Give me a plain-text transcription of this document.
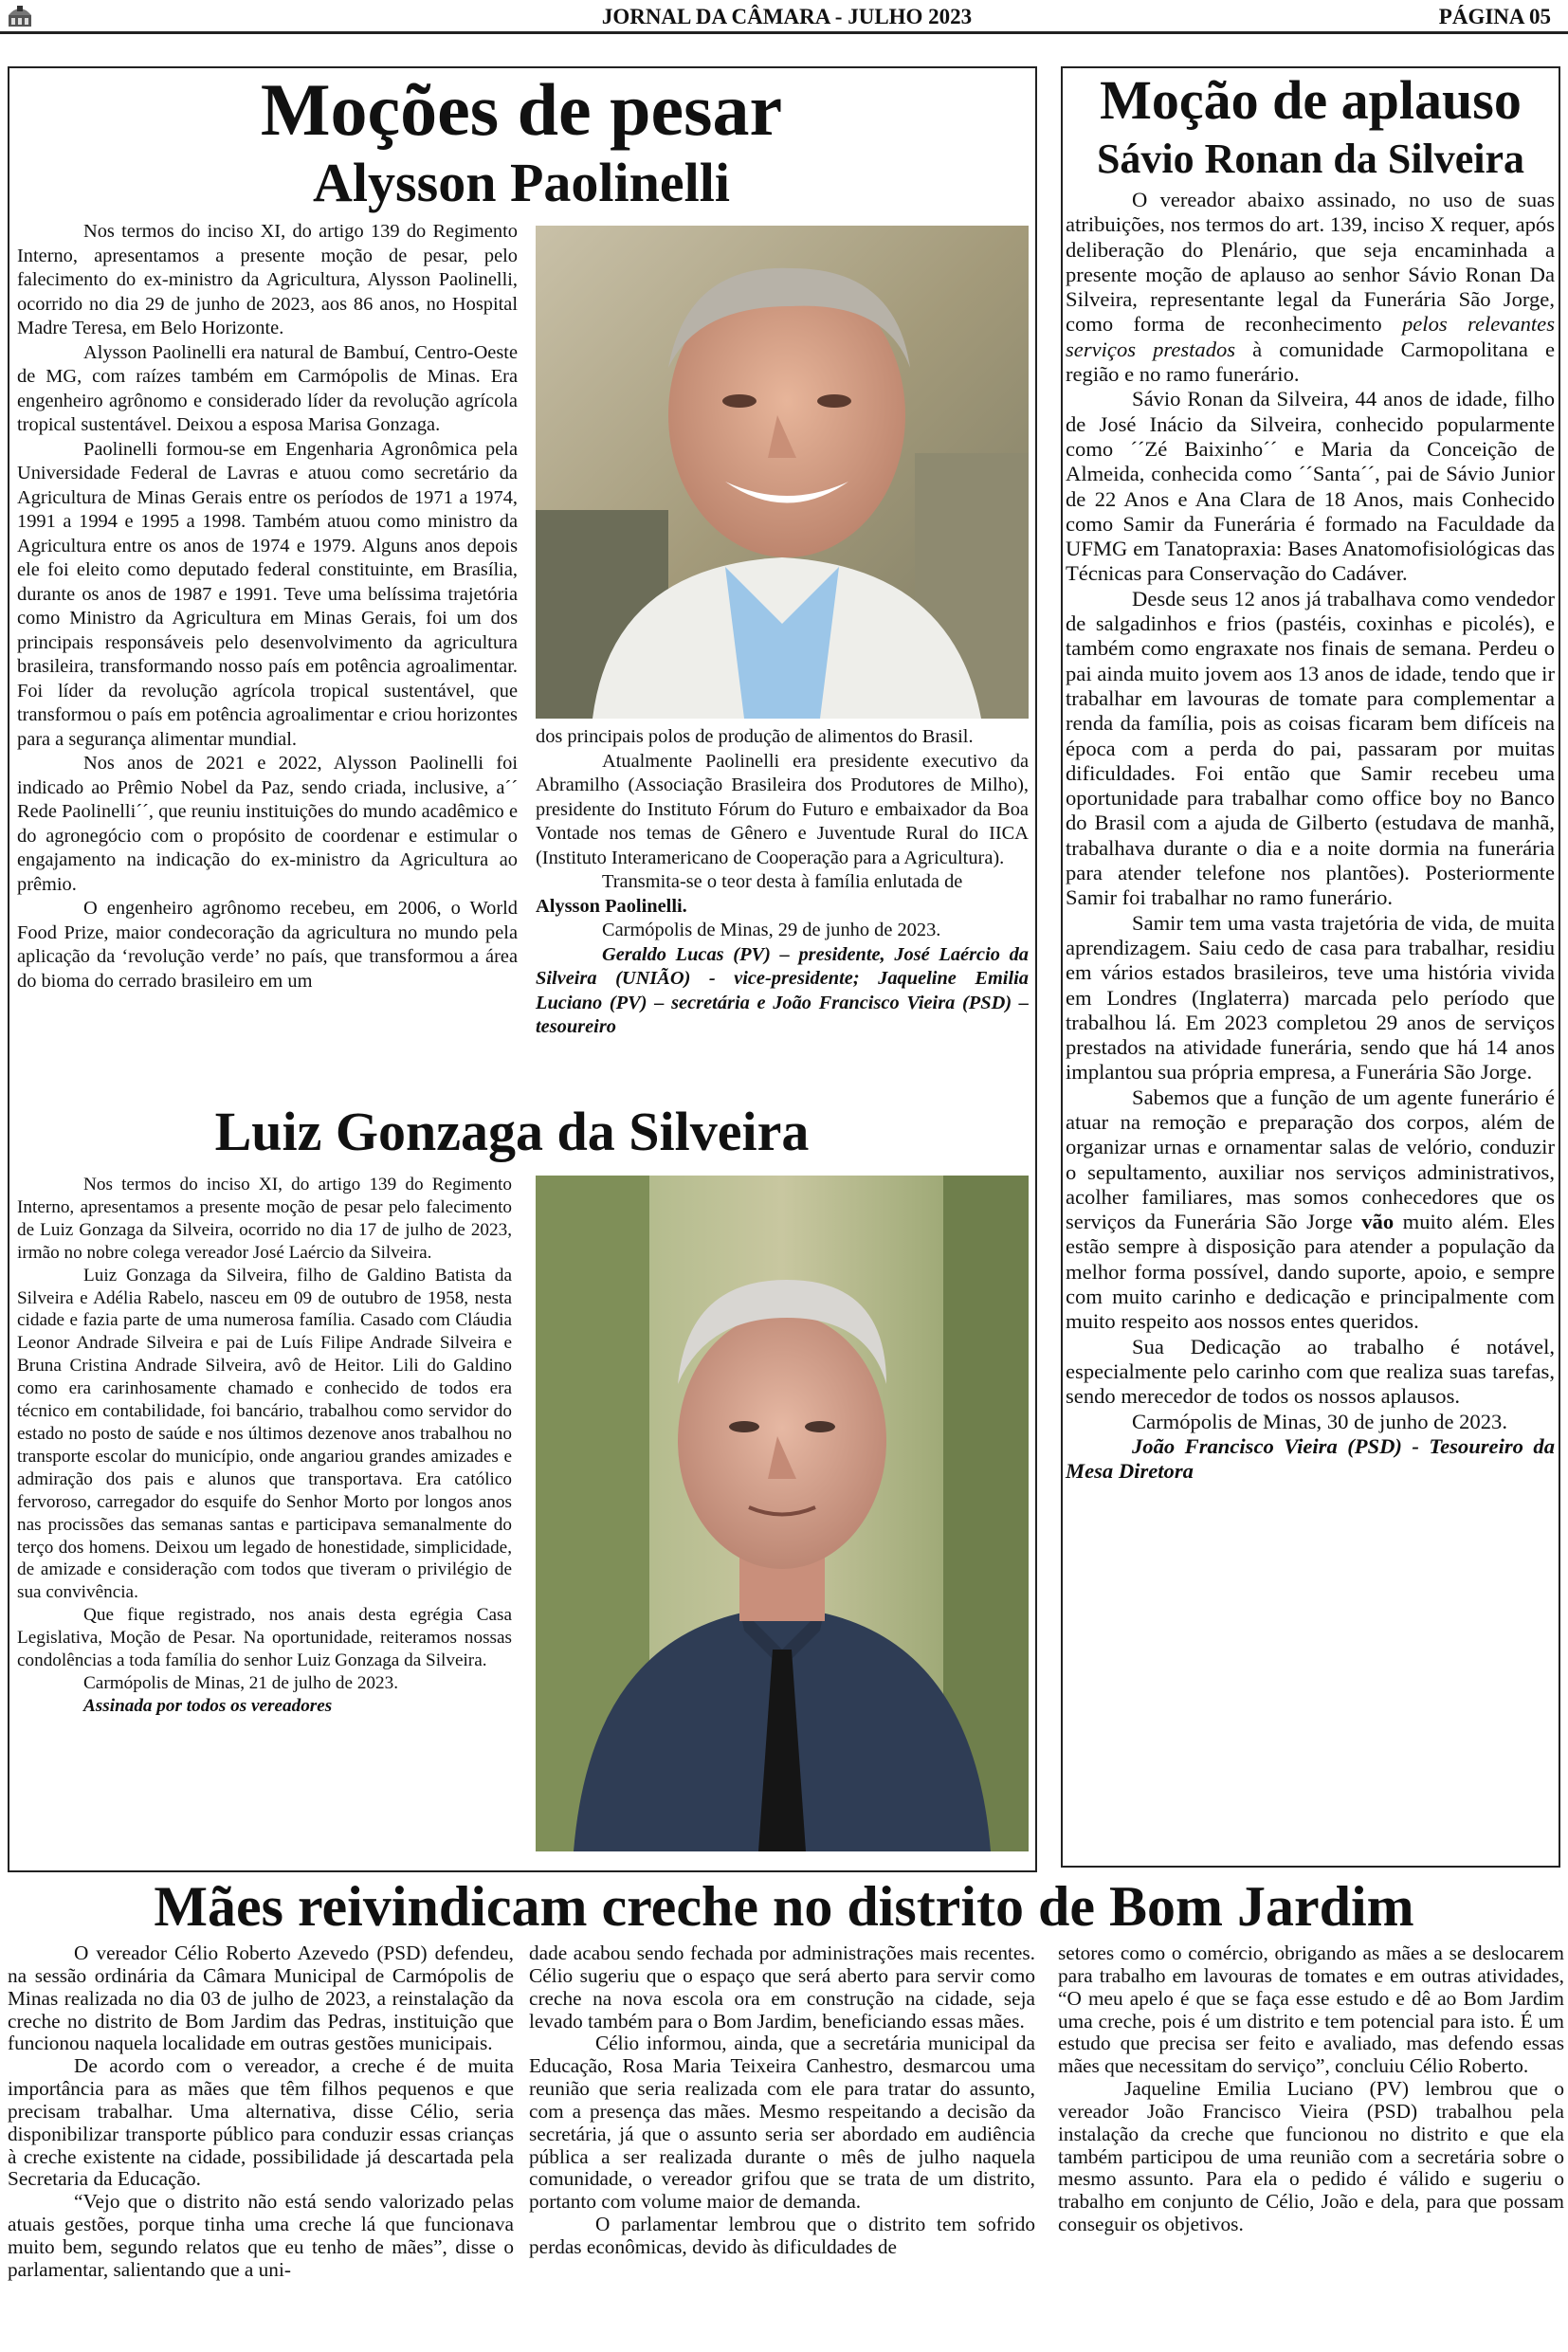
JORNAL DA CÂMARA - JULHO 2023	PÁGINA 05
Moções de pesar
Alysson Paolinelli

Nos termos do inciso XI, do artigo 139 do Regimento Interno, apresentamos a presente moção de pesar, pelo falecimento do ex-ministro da Agricultura, Alysson Paolinelli, ocorrido no dia 29 de junho de 2023, aos 86 anos, no Hospital Madre Teresa, em Belo Horizonte.

Alysson Paolinelli era natural de Bambuí, Centro-Oeste de MG, com raízes também em Carmópolis de Minas. Era engenheiro agrônomo e considerado líder da revolução agrícola tropical sustentável. Deixou a esposa Marisa Gonzaga.

Paolinelli formou-se em Engenharia Agronômica pela Universidade Federal de Lavras e atuou como secretário da Agricultura de Minas Gerais entre os períodos de 1971 a 1974, 1991 a 1994 e 1995 a 1998. Também atuou como ministro da Agricultura entre os anos de 1974 e 1979. Alguns anos depois ele foi eleito como deputado federal constituinte, em Brasília, durante os anos de 1987 e 1991. Teve uma belíssima trajetória como Ministro da Agricultura em Minas Gerais, foi um dos principais responsáveis pelo desenvolvimento da agricultura brasileira, transformando nosso país em potência agroalimentar. Foi líder da revolução agrícola tropical sustentável, que transformou o país em potência agroalimentar e criou horizontes para a segurança alimentar mundial.

Nos anos de 2021 e 2022, Alysson Paolinelli foi indicado ao Prêmio Nobel da Paz, sendo criada, inclusive, a´´ Rede Paolinelli´´, que reuniu instituições do mundo acadêmico e do agronegócio com o propósito de coordenar e estimular o engajamento na indicação do ex-ministro da Agricultura ao prêmio.

O engenheiro agrônomo recebeu, em 2006, o World Food Prize, maior condecoração da agricultura no mundo pela aplicação da ‘revolução verde’ no país, que transformou a área do bioma do cerrado brasileiro em um

dos principais polos de produção de alimentos do Brasil.

Atualmente Paolinelli era presidente executivo da Abramilho (Associação Brasileira dos Produtores de Milho), presidente do Instituto Fórum do Futuro e embaixador da Boa Vontade nos temas de Gênero e Juventude Rural do IICA (Instituto Interamericano de Cooperação para a Agricultura).

Transmita-se o teor desta à família enlutada de

Alysson Paolinelli.

Carmópolis de Minas, 29 de junho de 2023.

Geraldo Lucas (PV) – presidente, José Laércio da Silveira (UNIÃO) - vice-presidente; Jaqueline Emilia Luciano (PV) – secretária e João Francisco Vieira (PSD) – tesoureiro

Luiz Gonzaga da Silveira

Nos termos do inciso XI, do artigo 139 do Regimento Interno, apresentamos a presente moção de pesar pelo falecimento de Luiz Gonzaga da Silveira, ocorrido no dia 17 de julho de 2023, irmão no nobre colega vereador José Laércio da Silveira.

Luiz Gonzaga da Silveira, filho de Galdino Batista da Silveira e Adélia Rabelo, nasceu em 09 de outubro de 1958, nesta cidade e fazia parte de uma numerosa família. Casado com Cláudia Leonor Andrade Silveira e pai de Luís Filipe Andrade Silveira e Bruna Cristina Andrade Silveira, avô de Heitor. Lili do Galdino como era carinhosamente chamado e conhecido de todos era técnico em contabilidade, foi bancário, trabalhou como servidor do estado no posto de saúde e nos últimos dezenove anos trabalhou no transporte escolar do município, onde angariou grandes amizades e admiração dos pais e alunos que transportava. Era católico fervoroso, carregador do esquife do Senhor Morto por longos anos nas procissões das semanas santas e participava semanalmente do terço dos homens. Deixou um legado de honestidade, simplicidade, de amizade e consideração com todos que tiveram o privilégio de sua convivência.

Que fique registrado, nos anais desta egrégia Casa Legislativa, Moção de Pesar. Na oportunidade, reiteramos nossas condolências a toda família do senhor Luiz Gonzaga da Silveira.

Carmópolis de Minas, 21 de julho de 2023.

Assinada por todos os vereadores

Moção de aplauso
Sávio Ronan da Silveira

O vereador abaixo assinado, no uso de suas atribuições, nos termos do art. 139, inciso X requer, após deliberação do Plenário, que seja encaminhada a presente moção de aplauso ao senhor Sávio Ronan Da Silveira, representante legal da Funerária São Jorge, como forma de reconhecimento pelos relevantes serviços prestados à comunidade Carmopolitana e região e no ramo funerário.

Sávio Ronan da Silveira, 44 anos de idade, filho de José Inácio da Silveira, conhecido popularmente como ´´Zé Baixinho´´ e Maria da Conceição de Almeida, conhecida como ´´Santa´´, pai de Sávio Junior de 22 Anos e Ana Clara de 18 Anos, mais Conhecido como Samir da Funerária é formado na Faculdade da UFMG em Tanatopraxia: Bases Anatomofisiológicas das Técnicas para Conservação do Cadáver.

Desde seus 12 anos já trabalhava como vendedor de salgadinhos e frios (pastéis, coxinhas e picolés), e também como engraxate nos finais de semana. Perdeu o pai ainda muito jovem aos 13 anos de idade, tendo que ir trabalhar em lavouras de tomate para complementar a renda da família, pois as coisas ficaram bem difíceis na época com a perda do pai, passaram por muitas dificuldades. Foi então que Samir recebeu uma oportunidade para trabalhar como office boy no Banco do Brasil com a ajuda de Gilberto (estudava de manhã, trabalhava durante o dia e a noite dormia na funerária para atender telefone nos plantões). Posteriormente Samir foi trabalhar no ramo funerário.

Samir tem uma vasta trajetória de vida, de muita aprendizagem. Saiu cedo de casa para trabalhar, residiu em vários estados brasileiros, teve uma história vivida em Londres (Inglaterra) marcada pelo período que trabalhou lá. Em 2023 completou 29 anos de serviços prestados na atividade funerária, sendo que há 14 anos implantou sua própria empresa, a Funerária São Jorge.

Sabemos que a função de um agente funerário é atuar na remoção e preparação dos corpos, além de organizar urnas e ornamentar salas de velório, conduzir o sepultamento, auxiliar nos serviços administrativos, acolher familiares, mas somos conhecedores que os serviços da Funerária São Jorge vão muito além. Eles estão sempre à disposição para atender a população da melhor forma possível, dando suporte, apoio, e sempre com muito carinho e dedicação e principalmente com muito respeito aos nossos entes queridos.

Sua Dedicação ao trabalho é notável, especialmente pelo carinho com que realiza suas tarefas, sendo merecedor de todos os nossos aplausos.

Carmópolis de Minas, 30 de junho de 2023.

João Francisco Vieira (PSD) - Tesoureiro da Mesa Diretora

Mães reivindicam creche no distrito de Bom Jardim

O vereador Célio Roberto Azevedo (PSD) defendeu, na sessão ordinária da Câmara Municipal de Carmópolis de Minas realizada no dia 03 de julho de 2023, a reinstalação da creche no distrito de Bom Jardim das Pedras, instituição que funcionou naquela localidade em outras gestões municipais.

De acordo com o vereador, a creche é de muita importância para as mães que têm filhos pequenos e que precisam trabalhar. Uma alternativa, disse Célio, seria disponibilizar transporte público para conduzir essas crianças à creche existente na cidade, possibilidade já descartada pela Secretaria da Educação.

“Vejo que o distrito não está sendo valorizado pelas atuais gestões, porque tinha uma creche lá que funcionava muito bem, segundo relatos que eu tenho de mães”, disse o parlamentar, salientando que a uni-

dade acabou sendo fechada por administrações mais recentes. Célio sugeriu que o espaço que será aberto para servir como creche na nova escola ora em construção na cidade, seja levado também para o Bom Jardim, beneficiando essas mães.

Célio informou, ainda, que a secretária municipal da Educação, Rosa Maria Teixeira Canhestro, desmarcou uma reunião que seria realizada com ele para tratar do assunto, com a presença das mães. Mesmo respeitando a decisão da secretária, já que o assunto seria ser abordado em audiência pública a ser realizada durante o mês de julho naquela comunidade, o vereador grifou que se trata de um distrito, portanto com volume maior de demanda.

O parlamentar lembrou que o distrito tem sofrido perdas econômicas, devido às dificuldades de

setores como o comércio, obrigando as mães a se deslocarem para trabalho em lavouras de tomates e em outras atividades, “O meu apelo é que se faça esse estudo e dê ao Bom Jardim uma creche, pois é um distrito e tem potencial para isto. É um estudo que precisa ser feito e avaliado, mas defendo essas mães que necessitam do serviço”, concluiu Célio Roberto.

Jaqueline Emilia Luciano (PV) lembrou que o vereador João Francisco Vieira (PSD) trabalhou pela instalação da creche que funcionou no distrito e que ela também participou de uma reunião com a secretária sobre o mesmo assunto. Para ela o pedido é válido e sugeriu o trabalho em conjunto de Célio, João e dela, para que possam conseguir os objetivos.
